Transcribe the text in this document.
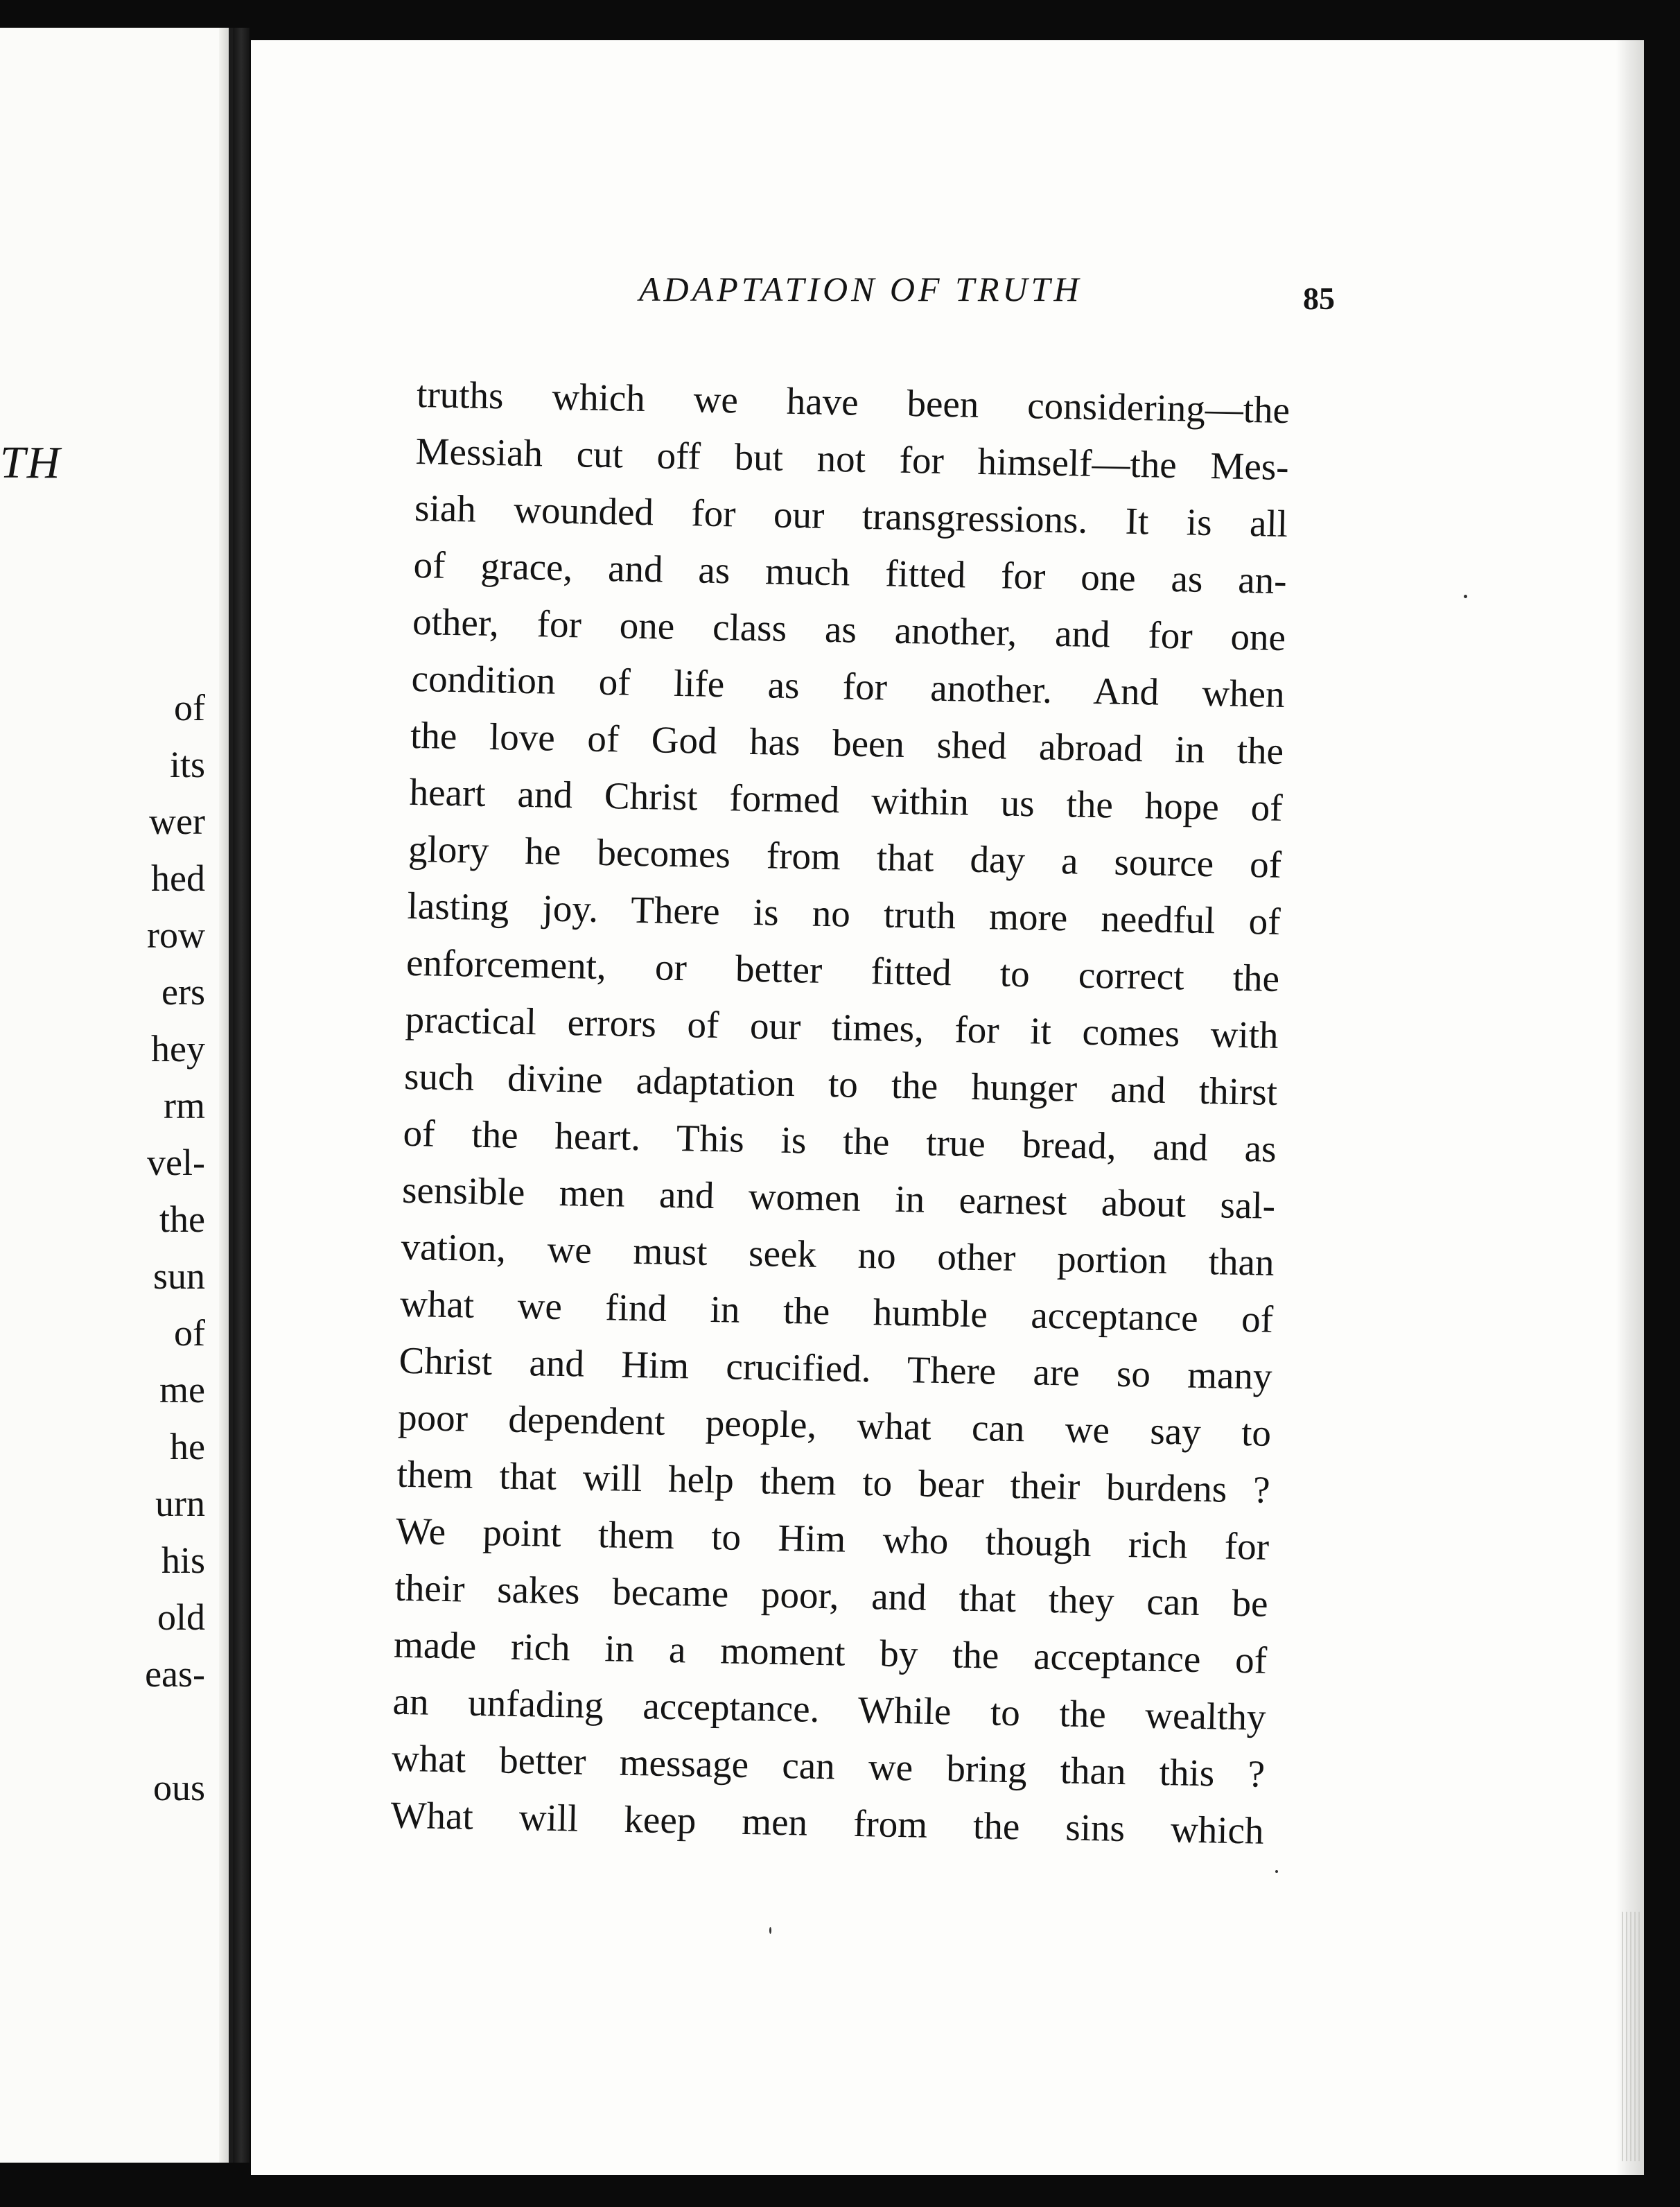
TH
of
its
wer
hed
row
ers
hey
rm
vel-
the
sun
of
me
he
urn
his
old
eas-
ous
ADAPTATION OF TRUTH	85
truths which we have been considering—the
Messiah cut off but not for himself—the Mes-
siah wounded for our transgressions. It is all
of grace, and as much fitted for one as an-
other, for one class as another, and for one
condition of life as for another. And when
the love of God has been shed abroad in the
heart and Christ formed within us the hope of
glory he becomes from that day a source of
lasting joy. There is no truth more needful of
enforcement, or better fitted to correct the
practical errors of our times, for it comes with
such divine adaptation to the hunger and thirst
of the heart. This is the true bread, and as
sensible men and women in earnest about sal-
vation, we must seek no other portion than
what we find in the humble acceptance of
Christ and Him crucified. There are so many
poor dependent people, what can we say to
them that will help them to bear their burdens ?
We point them to Him who though rich for
their sakes became poor, and that they can be
made rich in a moment by the acceptance of
an unfading acceptance. While to the wealthy
what better message can we bring than this ?
What will keep men from the sins which
